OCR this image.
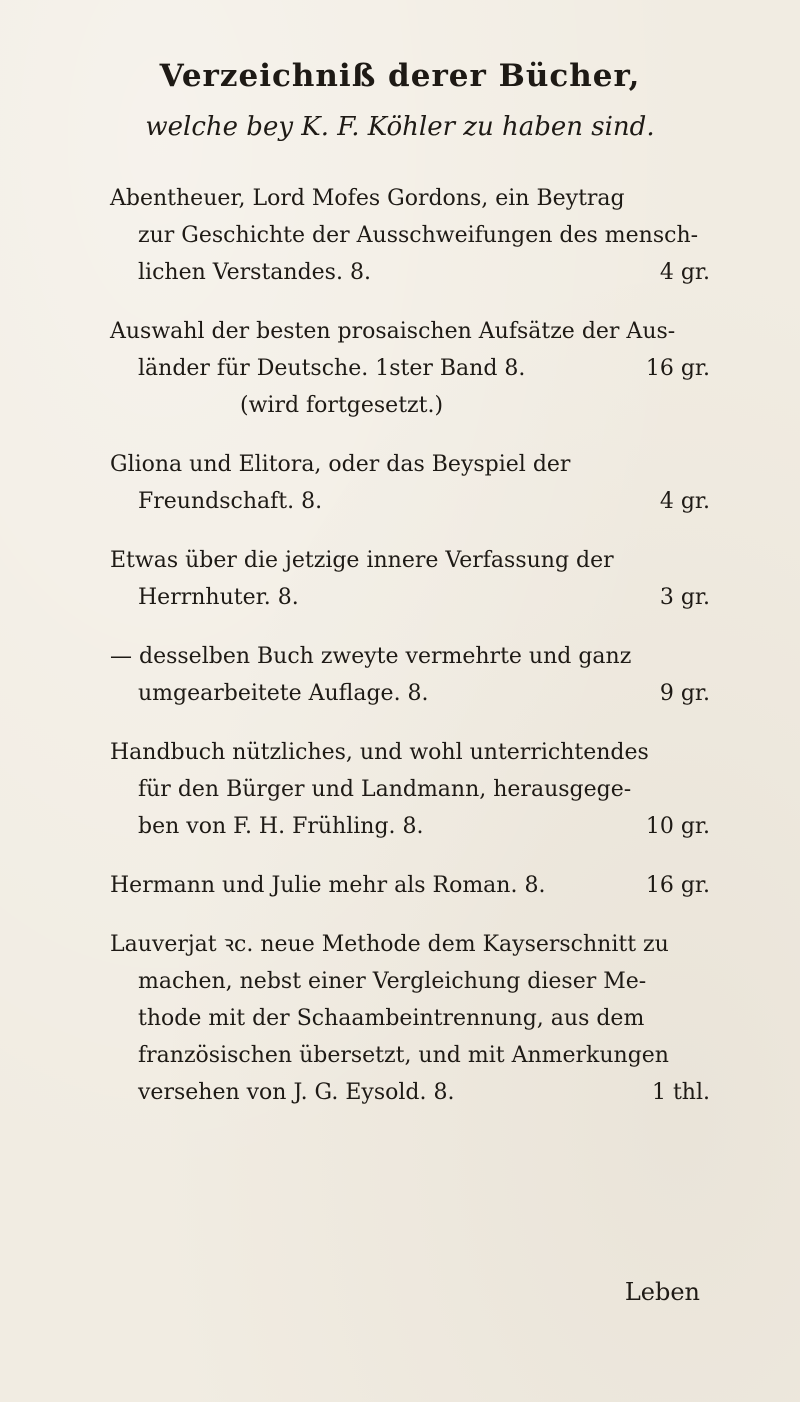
Verzeichniß derer Bücher,
welche bey K. F. Köhler zu haben sind.
Abentheuer, Lord Mofes Gordons, ein Beytrag
zur Geschichte der Ausschweifungen des mensch-
lichen Verstandes. 8.	4 gr.
Auswahl der besten prosaischen Aufsätze der Aus-
länder für Deutsche. 1ster Band 8.	16 gr.
(wird fortgesetzt.)
Gliona und Elitora, oder das Beyspiel der
Freundschaft. 8.	4 gr.
Etwas über die jetzige innere Verfassung der
Herrnhuter. 8.	3 gr.
— desselben Buch zweyte vermehrte und ganz
umgearbeitete Auflage. 8.	9 gr.
Handbuch nützliches, und wohl unterrichtendes
für den Bürger und Landmann, herausgege-
ben von F. H. Frühling. 8.	10 gr.
Hermann und Julie mehr als Roman. 8.	16 gr.
Lauverjat ꝛc. neue Methode dem Kayserschnitt zu
machen, nebst einer Vergleichung dieser Me-
thode mit der Schaambeintrennung, aus dem
französischen übersetzt, und mit Anmerkungen
versehen von J. G. Eysold. 8.	1 thl.
Leben
